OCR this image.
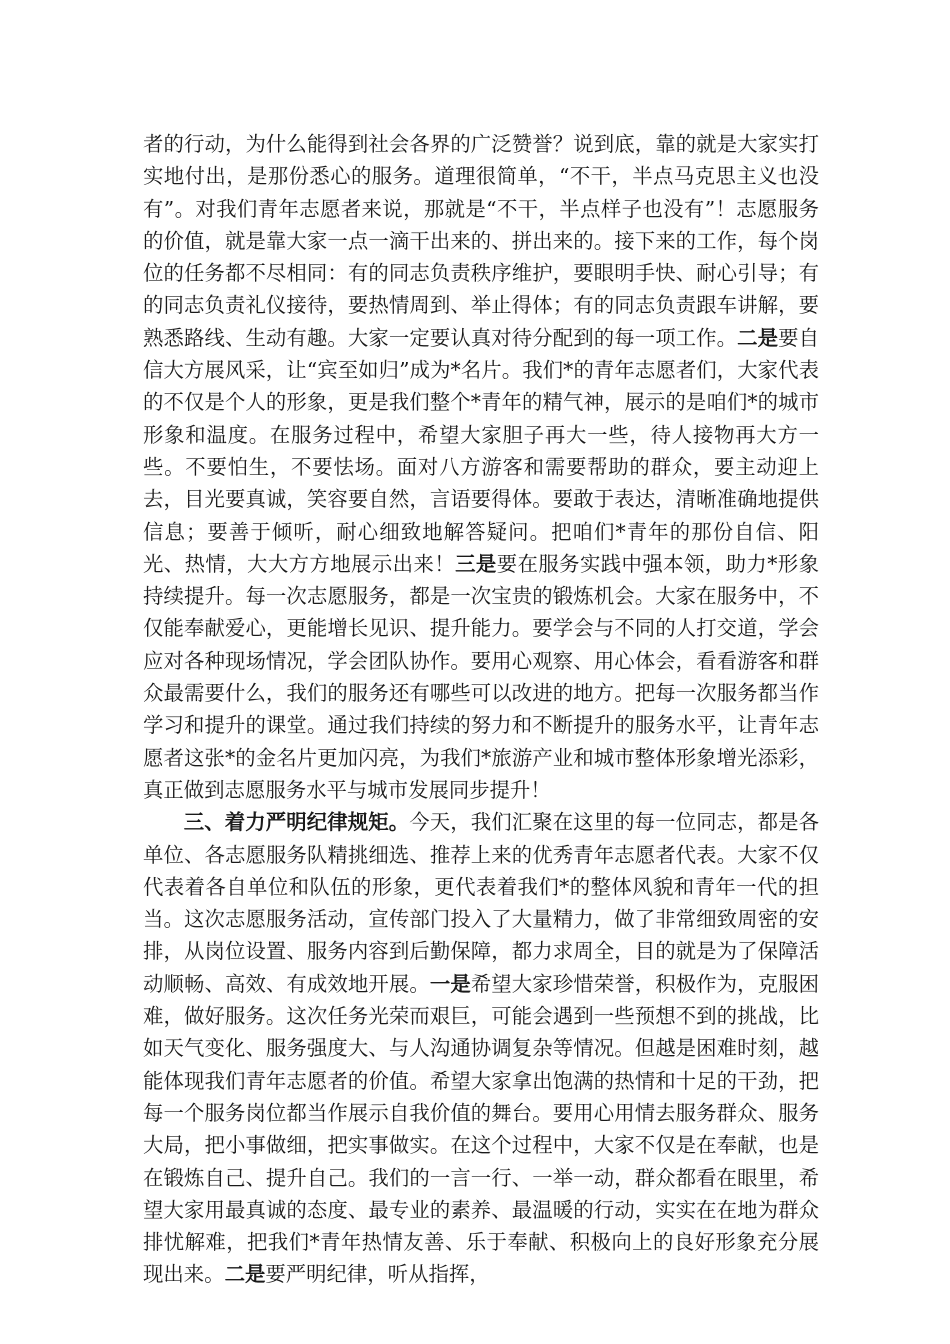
者的行动，为什么能得到社会各界的广泛赞誉？说到底，靠的就是大家实打实地付出，是那份悉心的服务。道理很简单，“不干，半点马克思主义也没有”。对我们青年志愿者来说，那就是“不干，半点样子也没有”！志愿服务的价值，就是靠大家一点一滴干出来的、拼出来的。接下来的工作，每个岗位的任务都不尽相同：有的同志负责秩序维护，要眼明手快、耐心引导；有的同志负责礼仪接待，要热情周到、举止得体；有的同志负责跟车讲解，要熟悉路线、生动有趣。大家一定要认真对待分配到的每一项工作。二是要自信大方展风采，让“宾至如归”成为*名片。我们*的青年志愿者们，大家代表的不仅是个人的形象，更是我们整个*青年的精气神，展示的是咱们*的城市形象和温度。在服务过程中，希望大家胆子再大一些，待人接物再大方一些。不要怕生，不要怯场。面对八方游客和需要帮助的群众，要主动迎上去，目光要真诚，笑容要自然，言语要得体。要敢于表达，清晰准确地提供信息；要善于倾听，耐心细致地解答疑问。把咱们*青年的那份自信、阳光、热情，大大方方地展示出来！三是要在服务实践中强本领，助力*形象持续提升。每一次志愿服务，都是一次宝贵的锻炼机会。大家在服务中，不仅能奉献爱心，更能增长见识、提升能力。要学会与不同的人打交道，学会应对各种现场情况，学会团队协作。要用心观察、用心体会，看看游客和群众最需要什么，我们的服务还有哪些可以改进的地方。把每一次服务都当作学习和提升的课堂。通过我们持续的努力和不断提升的服务水平，让青年志愿者这张*的金名片更加闪亮，为我们*旅游产业和城市整体形象增光添彩，真正做到志愿服务水平与城市发展同步提升！

三、着力严明纪律规矩。今天，我们汇聚在这里的每一位同志，都是各单位、各志愿服务队精挑细选、推荐上来的优秀青年志愿者代表。大家不仅代表着各自单位和队伍的形象，更代表着我们*的整体风貌和青年一代的担当。这次志愿服务活动，宣传部门投入了大量精力，做了非常细致周密的安排，从岗位设置、服务内容到后勤保障，都力求周全，目的就是为了保障活动顺畅、高效、有成效地开展。一是希望大家珍惜荣誉，积极作为，克服困难，做好服务。这次任务光荣而艰巨，可能会遇到一些预想不到的挑战，比如天气变化、服务强度大、与人沟通协调复杂等情况。但越是困难时刻，越能体现我们青年志愿者的价值。希望大家拿出饱满的热情和十足的干劲，把每一个服务岗位都当作展示自我价值的舞台。要用心用情去服务群众、服务大局，把小事做细，把实事做实。在这个过程中，大家不仅是在奉献，也是在锻炼自己、提升自己。我们的一言一行、一举一动，群众都看在眼里，希望大家用最真诚的态度、最专业的素养、最温暖的行动，实实在在地为群众排忧解难，把我们*青年热情友善、乐于奉献、积极向上的良好形象充分展现出来。二是要严明纪律，听从指挥，
